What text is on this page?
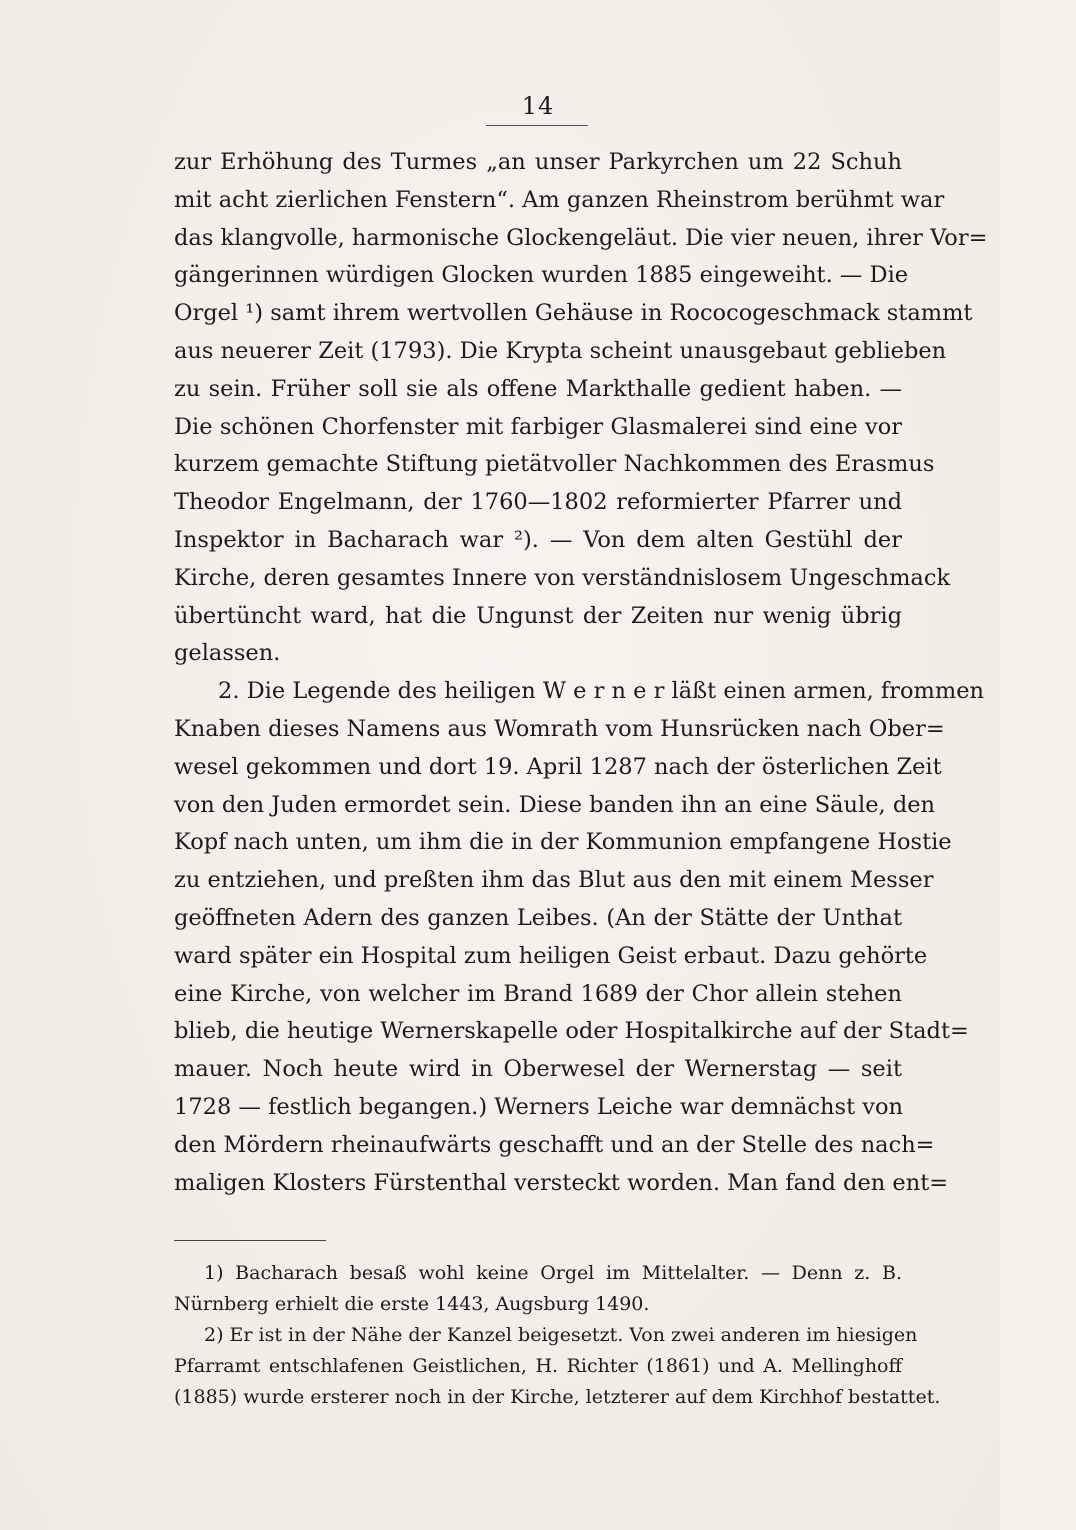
14
zur Erhöhung des Turmes „an unser Parkyrchen um 22 Schuh
mit acht zierlichen Fenstern“. Am ganzen Rheinstrom berühmt war
das klangvolle, harmonische Glockengeläut. Die vier neuen, ihrer Vor=
gängerinnen würdigen Glocken wurden 1885 eingeweiht. — Die
Orgel ¹) samt ihrem wertvollen Gehäuse in Rococogeschmack stammt
aus neuerer Zeit (1793). Die Krypta scheint unausgebaut geblieben
zu sein. Früher soll sie als offene Markthalle gedient haben. —
Die schönen Chorfenster mit farbiger Glasmalerei sind eine vor
kurzem gemachte Stiftung pietätvoller Nachkommen des Erasmus
Theodor Engelmann, der 1760—1802 reformierter Pfarrer und
Inspektor in Bacharach war ²). — Von dem alten Gestühl der
Kirche, deren gesamtes Innere von verständnislosem Ungeschmack
übertüncht ward, hat die Ungunst der Zeiten nur wenig übrig
gelassen.
2. Die Legende des heiligen W e r n e r läßt einen armen, frommen
Knaben dieses Namens aus Womrath vom Hunsrücken nach Ober=
wesel gekommen und dort 19. April 1287 nach der österlichen Zeit
von den Juden ermordet sein. Diese banden ihn an eine Säule, den
Kopf nach unten, um ihm die in der Kommunion empfangene Hostie
zu entziehen, und preßten ihm das Blut aus den mit einem Messer
geöffneten Adern des ganzen Leibes. (An der Stätte der Unthat
ward später ein Hospital zum heiligen Geist erbaut. Dazu gehörte
eine Kirche, von welcher im Brand 1689 der Chor allein stehen
blieb, die heutige Wernerskapelle oder Hospitalkirche auf der Stadt=
mauer. Noch heute wird in Oberwesel der Wernerstag — seit
1728 — festlich begangen.) Werners Leiche war demnächst von
den Mördern rheinaufwärts geschafft und an der Stelle des nach=
maligen Klosters Fürstenthal versteckt worden. Man fand den ent=
1) Bacharach besaß wohl keine Orgel im Mittelalter. — Denn z. B.
Nürnberg erhielt die erste 1443, Augsburg 1490.
2) Er ist in der Nähe der Kanzel beigesetzt. Von zwei anderen im hiesigen
Pfarramt entschlafenen Geistlichen, H. Richter (1861) und A. Mellinghoff
(1885) wurde ersterer noch in der Kirche, letzterer auf dem Kirchhof bestattet.
